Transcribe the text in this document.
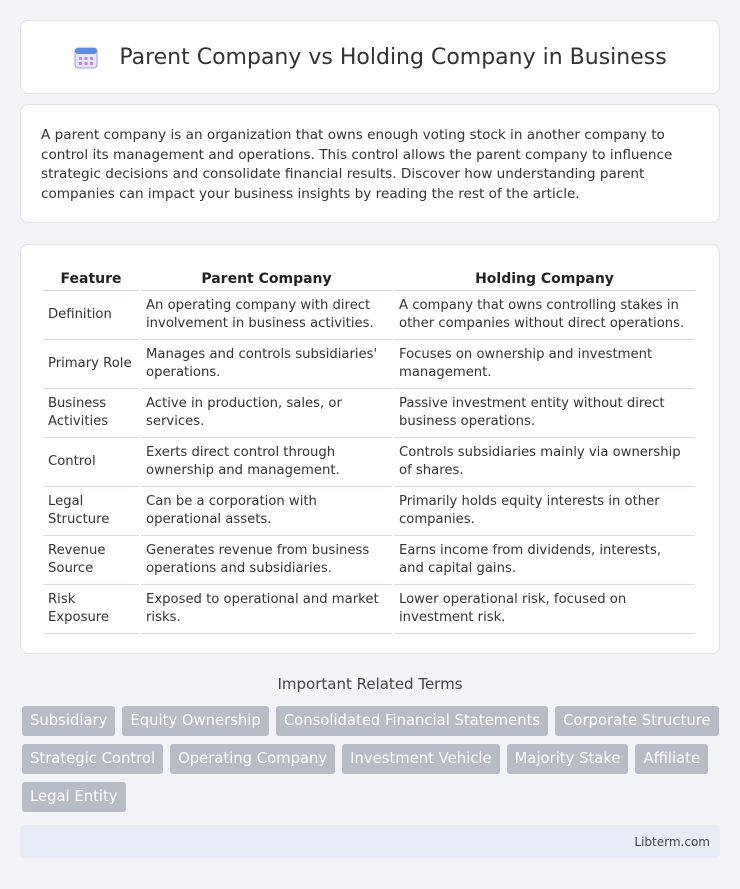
Parent Company vs Holding Company in Business

A parent company is an organization that owns enough voting stock in another company to control its management and operations. This control allows the parent company to influence strategic decisions and consolidate financial results. Discover how understanding parent companies can impact your business insights by reading the rest of the article.

Feature	Parent Company	Holding Company
Definition	An operating company with direct involvement in business activities.	A company that owns controlling stakes in other companies without direct operations.
Primary Role	Manages and controls subsidiaries' operations.	Focuses on ownership and investment management.
Business Activities	Active in production, sales, or services.	Passive investment entity without direct business operations.
Control	Exerts direct control through ownership and management.	Controls subsidiaries mainly via ownership of shares.
Legal Structure	Can be a corporation with operational assets.	Primarily holds equity interests in other companies.
Revenue Source	Generates revenue from business operations and subsidiaries.	Earns income from dividends, interests, and capital gains.
Risk Exposure	Exposed to operational and market risks.	Lower operational risk, focused on investment risk.
Important Related Terms
Subsidiary	Equity Ownership	Consolidated Financial Statements	Corporate Structure
Strategic Control	Operating Company	Investment Vehicle	Majority Stake	Affiliate
Legal Entity
Libterm.com
